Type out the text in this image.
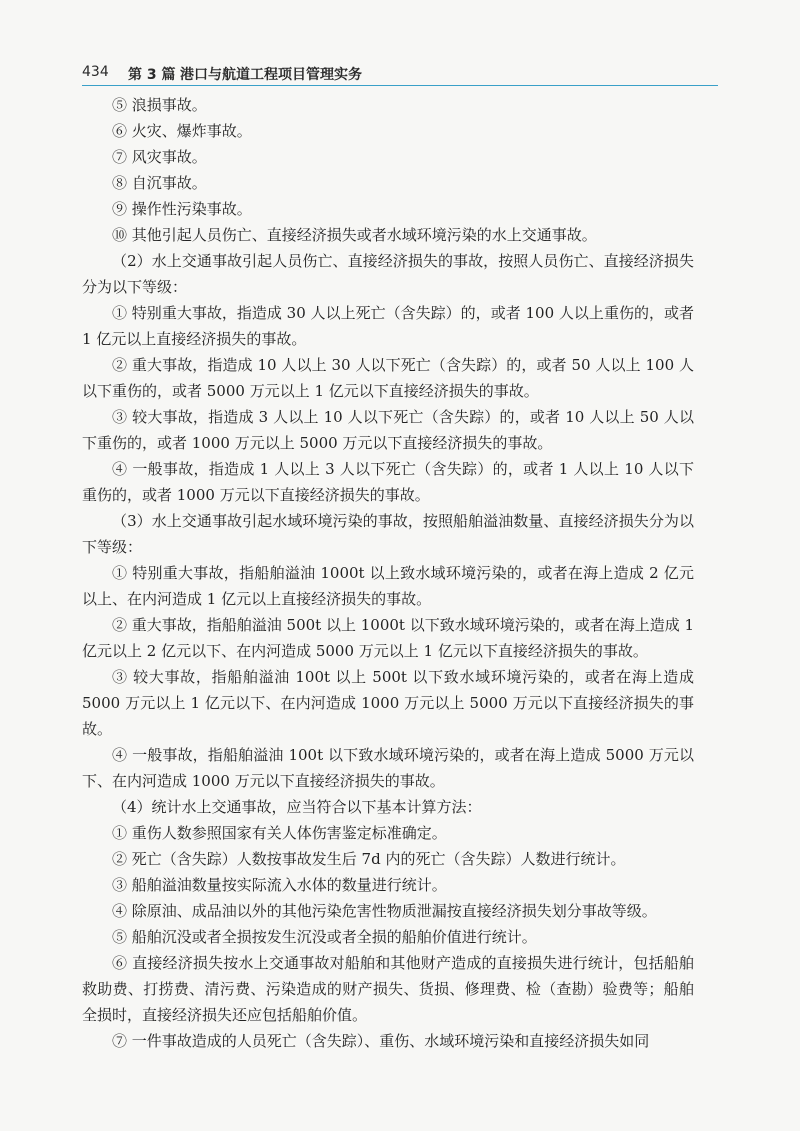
434 第 3 篇 港口与航道工程项目管理实务

⑤ 浪损事故。

⑥ 火灾、爆炸事故。

⑦ 风灾事故。

⑧ 自沉事故。

⑨ 操作性污染事故。

⑩ 其他引起人员伤亡、直接经济损失或者水域环境污染的水上交通事故。

（2）水上交通事故引起人员伤亡、直接经济损失的事故，按照人员伤亡、直接经济损失分为以下等级：

① 特别重大事故，指造成 30 人以上死亡（含失踪）的，或者 100 人以上重伤的，或者 1 亿元以上直接经济损失的事故。

② 重大事故，指造成 10 人以上 30 人以下死亡（含失踪）的，或者 50 人以上 100 人以下重伤的，或者 5000 万元以上 1 亿元以下直接经济损失的事故。

③ 较大事故，指造成 3 人以上 10 人以下死亡（含失踪）的，或者 10 人以上 50 人以下重伤的，或者 1000 万元以上 5000 万元以下直接经济损失的事故。

④ 一般事故，指造成 1 人以上 3 人以下死亡（含失踪）的，或者 1 人以上 10 人以下重伤的，或者 1000 万元以下直接经济损失的事故。

（3）水上交通事故引起水域环境污染的事故，按照船舶溢油数量、直接经济损失分为以下等级：

① 特别重大事故，指船舶溢油 1000t 以上致水域环境污染的，或者在海上造成 2 亿元以上、在内河造成 1 亿元以上直接经济损失的事故。

② 重大事故，指船舶溢油 500t 以上 1000t 以下致水域环境污染的，或者在海上造成 1 亿元以上 2 亿元以下、在内河造成 5000 万元以上 1 亿元以下直接经济损失的事故。

③ 较大事故，指船舶溢油 100t 以上 500t 以下致水域环境污染的，或者在海上造成 5000 万元以上 1 亿元以下、在内河造成 1000 万元以上 5000 万元以下直接经济损失的事故。

④ 一般事故，指船舶溢油 100t 以下致水域环境污染的，或者在海上造成 5000 万元以下、在内河造成 1000 万元以下直接经济损失的事故。

（4）统计水上交通事故，应当符合以下基本计算方法：

① 重伤人数参照国家有关人体伤害鉴定标准确定。

② 死亡（含失踪）人数按事故发生后 7d 内的死亡（含失踪）人数进行统计。

③ 船舶溢油数量按实际流入水体的数量进行统计。

④ 除原油、成品油以外的其他污染危害性物质泄漏按直接经济损失划分事故等级。

⑤ 船舶沉没或者全损按发生沉没或者全损的船舶价值进行统计。

⑥ 直接经济损失按水上交通事故对船舶和其他财产造成的直接损失进行统计，包括船舶救助费、打捞费、清污费、污染造成的财产损失、货损、修理费、检（查勘）验费等；船舶全损时，直接经济损失还应包括船舶价值。

⑦ 一件事故造成的人员死亡（含失踪）、重伤、水域环境污染和直接经济损失如同
